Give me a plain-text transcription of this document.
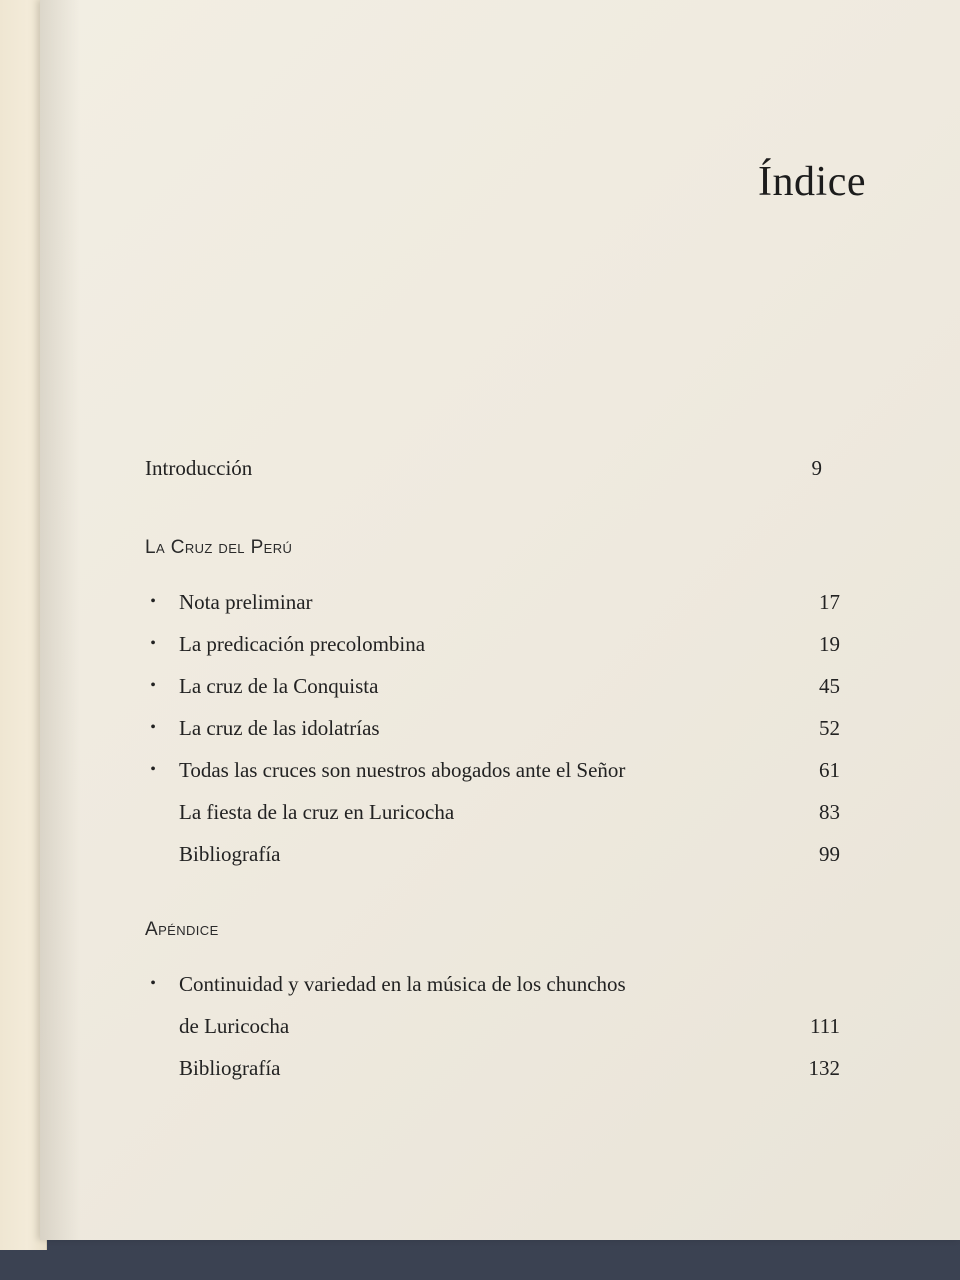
Índice
Introducción	9
La Cruz del Perú
• Nota preliminar	17
• La predicación precolombina	19
• La cruz de la Conquista	45
• La cruz de las idolatrías	52
• Todas las cruces son nuestros abogados ante el Señor	61
La fiesta de la cruz en Luricocha	83
Bibliografía	99
Apéndice
• Continuidad y variedad en la música de los chunchos
de Luricocha	111
Bibliografía	132
